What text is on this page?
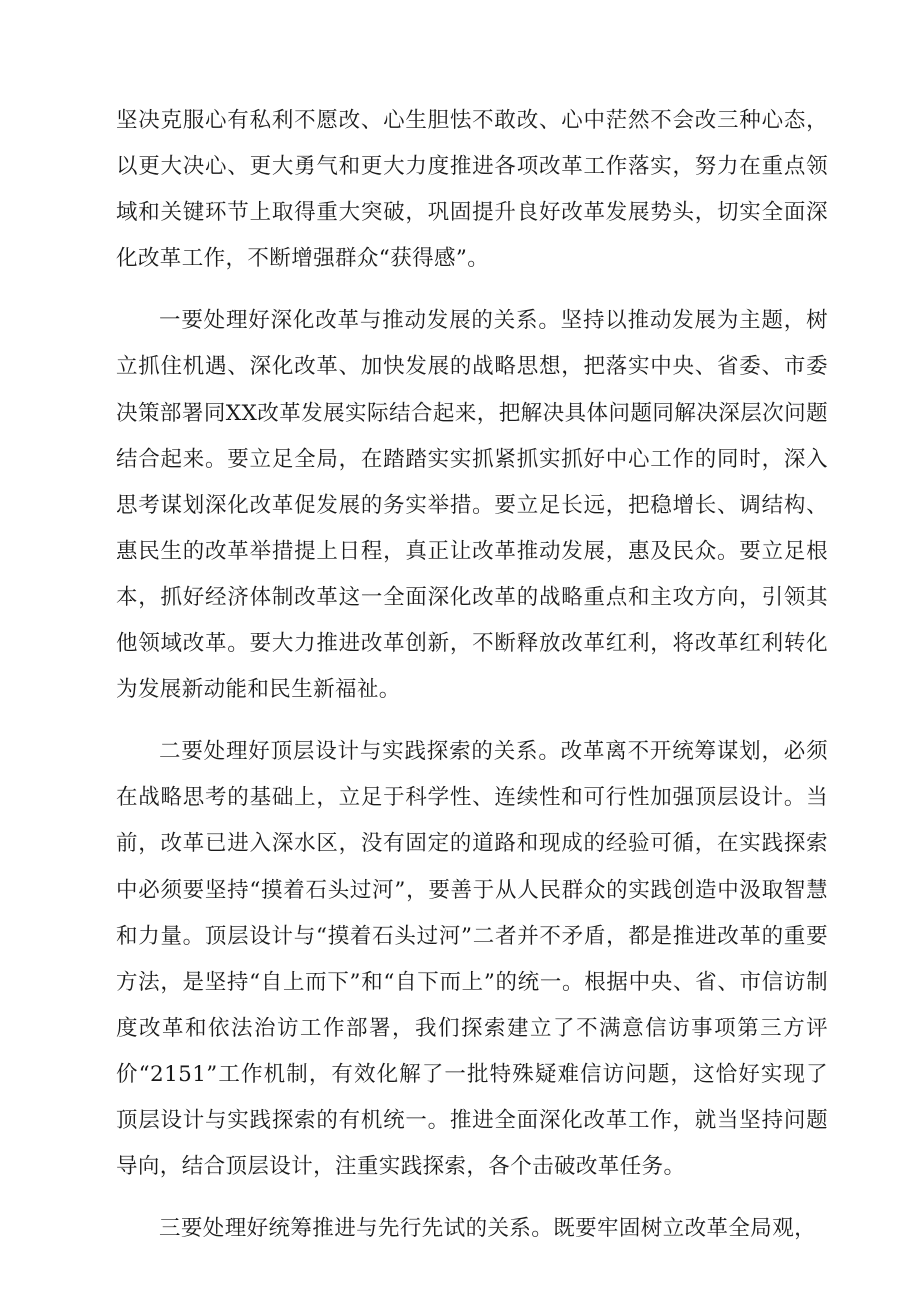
坚决克服心有私利不愿改、心生胆怯不敢改、心中茫然不会改三种心态，以更大决心、更大勇气和更大力度推进各项改革工作落实，努力在重点领域和关键环节上取得重大突破，巩固提升良好改革发展势头，切实全面深化改革工作，不断增强群众“获得感”。

一要处理好深化改革与推动发展的关系。坚持以推动发展为主题，树立抓住机遇、深化改革、加快发展的战略思想，把落实中央、省委、市委决策部署同XX改革发展实际结合起来，把解决具体问题同解决深层次问题结合起来。要立足全局，在踏踏实实抓紧抓实抓好中心工作的同时，深入思考谋划深化改革促发展的务实举措。要立足长远，把稳增长、调结构、惠民生的改革举措提上日程，真正让改革推动发展，惠及民众。要立足根本，抓好经济体制改革这一全面深化改革的战略重点和主攻方向，引领其他领域改革。要大力推进改革创新，不断释放改革红利，将改革红利转化为发展新动能和民生新福祉。

二要处理好顶层设计与实践探索的关系。改革离不开统筹谋划，必须在战略思考的基础上，立足于科学性、连续性和可行性加强顶层设计。当前，改革已进入深水区，没有固定的道路和现成的经验可循，在实践探索中必须要坚持“摸着石头过河”，要善于从人民群众的实践创造中汲取智慧和力量。顶层设计与“摸着石头过河”二者并不矛盾，都是推进改革的重要方法，是坚持“自上而下”和“自下而上”的统一。根据中央、省、市信访制度改革和依法治访工作部署，我们探索建立了不满意信访事项第三方评价“2151”工作机制，有效化解了一批特殊疑难信访问题，这恰好实现了顶层设计与实践探索的有机统一。推进全面深化改革工作，就当坚持问题导向，结合顶层设计，注重实践探索，各个击破改革任务。

三要处理好统筹推进与先行先试的关系。既要牢固树立改革全局观，
